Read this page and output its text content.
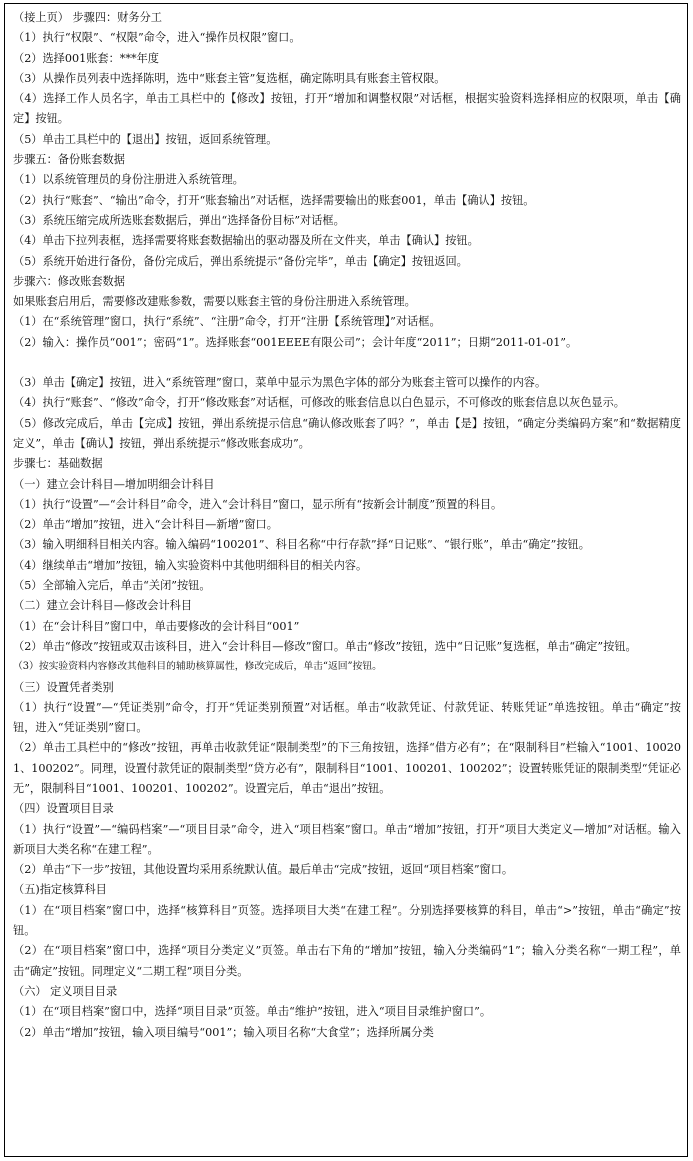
（接上页） 步骤四：财务分工
（1）执行“权限”、“权限”命令，进入“操作员权限”窗口。
（2）选择001账套：***年度
（3）从操作员列表中选择陈明，选中“账套主管”复选框，确定陈明具有账套主管权限。
（4）选择工作人员名字，单击工具栏中的【修改】按钮，打开“增加和调整权限”对话框，根据实验资料选择相应的权限项，单击【确定】按钮。
（5）单击工具栏中的【退出】按钮，返回系统管理。
步骤五：备份账套数据
（1）以系统管理员的身份注册进入系统管理。
（2）执行“账套”、“输出”命令，打开“账套输出”对话框，选择需要输出的账套001，单击【确认】按钮。
（3）系统压缩完成所选账套数据后，弹出“选择备份目标”对话框。
（4）单击下拉列表框，选择需要将账套数据输出的驱动器及所在文件夹，单击【确认】按钮。
（5）系统开始进行备份，备份完成后，弹出系统提示“备份完毕”，单击【确定】按钮返回。
步骤六：修改账套数据
如果账套启用后，需要修改建账参数，需要以账套主管的身份注册进入系统管理。
（1）在“系统管理”窗口，执行“系统”、“注册”命令，打开“注册【系统管理】”对话框。
（2）输入：操作员“001”；密码“1”。选择账套“001EEEE有限公司”；会计年度“2011”；日期“2011-01-01”。
（3）单击【确定】按钮，进入“系统管理”窗口，菜单中显示为黑色字体的部分为账套主管可以操作的内容。
（4）执行“账套”、“修改”命令，打开“修改账套”对话框，可修改的账套信息以白色显示，不可修改的账套信息以灰色显示。
（5）修改完成后，单击【完成】按钮，弹出系统提示信息“确认修改账套了吗？”，单击【是】按钮，“确定分类编码方案”和“数据精度定义”，单击【确认】按钮，弹出系统提示“修改账套成功”。
步骤七：基础数据
（一）建立会计科目—增加明细会计科目
（1）执行“设置”—“会计科目”命令，进入“会计科目”窗口，显示所有“按新会计制度”预置的科目。
（2）单击“增加”按钮，进入“会计科目—新增”窗口。
（3）输入明细科目相关内容。输入编码“100201”、科目名称“中行存款”择“日记账”、“银行账”，单击“确定”按钮。
（4）继续单击“增加”按钮，输入实验资料中其他明细科目的相关内容。
（5）全部输入完后，单击“关闭”按钮。
（二）建立会计科目—修改会计科目
（1）在“会计科目”窗口中，单击要修改的会计科目“001”
（2）单击“修改”按钮或双击该科目，进入“会计科目—修改”窗口。单击“修改”按钮，选中“日记账”复选框，单击“确定”按钮。
（3）按实验资料内容修改其他科目的辅助核算属性，修改完成后，单击“返回”按钮。
（三）设置凭者类别
（1）执行“设置”—“凭证类别”命令，打开“凭证类别预置”对话框。单击“收款凭证、付款凭证、转账凭证”单选按钮。单击“确定”按钮，进入“凭证类别”窗口。
（2）单击工具栏中的“修改”按钮，再单击收款凭证“限制类型”的下三角按钮，选择“借方必有”；在“限制科目”栏输入“1001、100201、100202”。同理，设置付款凭证的限制类型“贷方必有”，限制科目“1001、100201、100202”；设置转账凭证的限制类型“凭证必无”，限制科目“1001、100201、100202”。设置完后，单击“退出”按钮。
（四）设置项目目录
（1）执行“设置”—“编码档案”—“项目目录”命令，进入“项目档案”窗口。单击“增加”按钮，打开“项目大类定义—增加”对话框。输入新项目大类名称“在建工程”。
（2）单击“下一步”按钮，其他设置均采用系统默认值。最后单击“完成”按钮，返回“项目档案”窗口。
（五)指定核算科目
（1）在“项目档案”窗口中，选择“核算科目”页签。选择项目大类“在建工程”。分别选择要核算的科目，单击“>”按钮，单击“确定”按钮。
（2）在“项目档案”窗口中，选择“项目分类定义”页签。单击右下角的“增加”按钮，输入分类编码“1”；输入分类名称“一期工程”，单击“确定”按钮。同理定义“二期工程”项目分类。
（六） 定义项目目录
（1）在“项目档案”窗口中，选择“项目目录”页签。单击“维护”按钮，进入“项目目录维护窗口”。
（2）单击“增加”按钮，输入项目编号“001”；输入项目名称“大食堂”；选择所属分类
